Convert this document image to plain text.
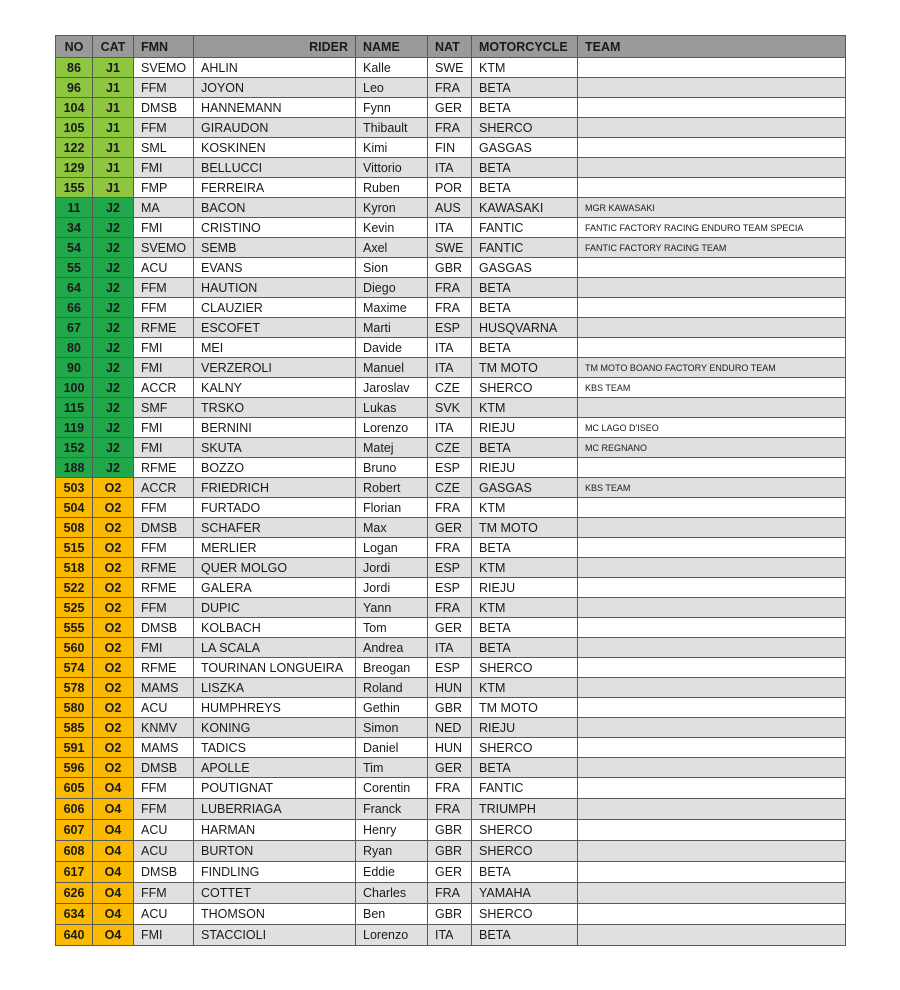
NO	CAT	FMN	RIDER	NAME	NAT	MOTORCYCLE	TEAM
86	J1	SVEMO	AHLIN	Kalle	SWE	KTM	
96	J1	FFM	JOYON	Leo	FRA	BETA	
104	J1	DMSB	HANNEMANN	Fynn	GER	BETA	
105	J1	FFM	GIRAUDON	Thibault	FRA	SHERCO	
122	J1	SML	KOSKINEN	Kimi	FIN	GASGAS	
129	J1	FMI	BELLUCCI	Vittorio	ITA	BETA	
155	J1	FMP	FERREIRA	Ruben	POR	BETA	
11	J2	MA	BACON	Kyron	AUS	KAWASAKI	MGR KAWASAKI
34	J2	FMI	CRISTINO	Kevin	ITA	FANTIC	FANTIC FACTORY RACING ENDURO TEAM SPECIA
54	J2	SVEMO	SEMB	Axel	SWE	FANTIC	FANTIC FACTORY RACING TEAM
55	J2	ACU	EVANS	Sion	GBR	GASGAS	
64	J2	FFM	HAUTION	Diego	FRA	BETA	
66	J2	FFM	CLAUZIER	Maxime	FRA	BETA	
67	J2	RFME	ESCOFET	Marti	ESP	HUSQVARNA	
80	J2	FMI	MEI	Davide	ITA	BETA	
90	J2	FMI	VERZEROLI	Manuel	ITA	TM MOTO	TM MOTO BOANO FACTORY ENDURO TEAM
100	J2	ACCR	KALNY	Jaroslav	CZE	SHERCO	KBS TEAM
115	J2	SMF	TRSKO	Lukas	SVK	KTM	
119	J2	FMI	BERNINI	Lorenzo	ITA	RIEJU	MC LAGO D'ISEO
152	J2	FMI	SKUTA	Matej	CZE	BETA	MC REGNANO
188	J2	RFME	BOZZO	Bruno	ESP	RIEJU	
503	O2	ACCR	FRIEDRICH	Robert	CZE	GASGAS	KBS TEAM
504	O2	FFM	FURTADO	Florian	FRA	KTM	
508	O2	DMSB	SCHAFER	Max	GER	TM MOTO	
515	O2	FFM	MERLIER	Logan	FRA	BETA	
518	O2	RFME	QUER MOLGO	Jordi	ESP	KTM	
522	O2	RFME	GALERA	Jordi	ESP	RIEJU	
525	O2	FFM	DUPIC	Yann	FRA	KTM	
555	O2	DMSB	KOLBACH	Tom	GER	BETA	
560	O2	FMI	LA SCALA	Andrea	ITA	BETA	
574	O2	RFME	TOURINAN LONGUEIRA	Breogan	ESP	SHERCO	
578	O2	MAMS	LISZKA	Roland	HUN	KTM	
580	O2	ACU	HUMPHREYS	Gethin	GBR	TM MOTO	
585	O2	KNMV	KONING	Simon	NED	RIEJU	
591	O2	MAMS	TADICS	Daniel	HUN	SHERCO	
596	O2	DMSB	APOLLE	Tim	GER	BETA	
605	O4	FFM	POUTIGNAT	Corentin	FRA	FANTIC	
606	O4	FFM	LUBERRIAGA	Franck	FRA	TRIUMPH	
607	O4	ACU	HARMAN	Henry	GBR	SHERCO	
608	O4	ACU	BURTON	Ryan	GBR	SHERCO	
617	O4	DMSB	FINDLING	Eddie	GER	BETA	
626	O4	FFM	COTTET	Charles	FRA	YAMAHA	
634	O4	ACU	THOMSON	Ben	GBR	SHERCO	
640	O4	FMI	STACCIOLI	Lorenzo	ITA	BETA	
